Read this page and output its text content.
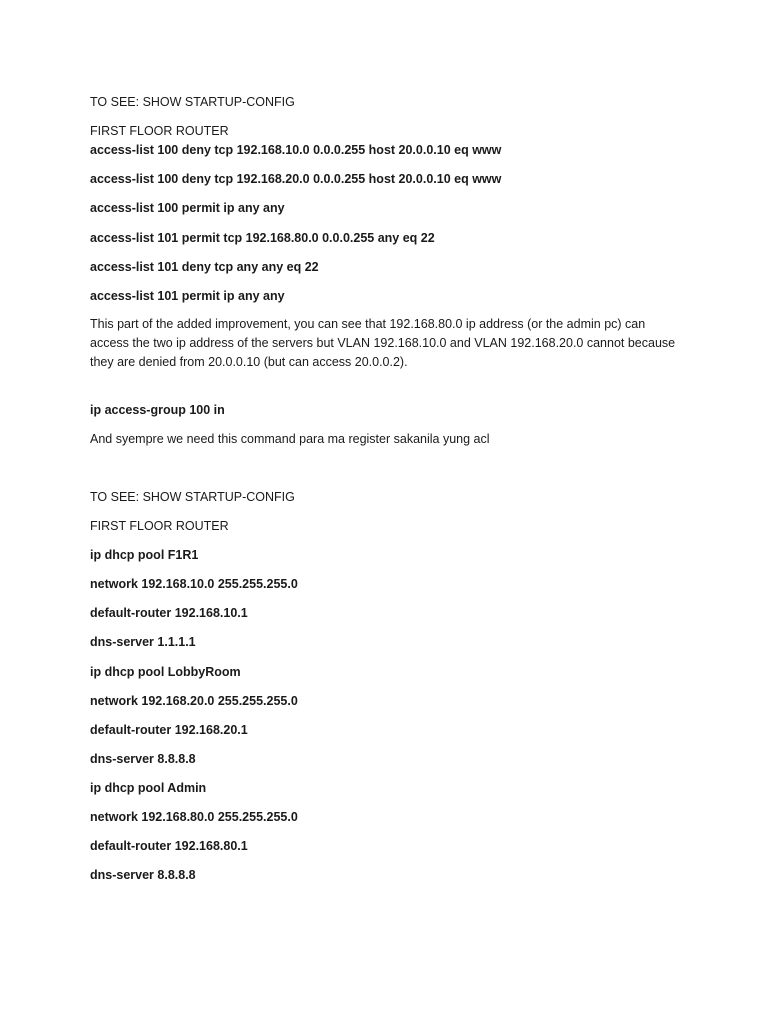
TO SEE: SHOW STARTUP-CONFIG
FIRST FLOOR ROUTER
access-list 100 deny tcp 192.168.10.0 0.0.0.255 host 20.0.0.10 eq www
access-list 100 deny tcp 192.168.20.0 0.0.0.255 host 20.0.0.10 eq www
access-list 100 permit ip any any
access-list 101 permit tcp 192.168.80.0 0.0.0.255 any eq 22
access-list 101 deny tcp any any eq 22
access-list 101 permit ip any any
This part of the added improvement, you can see that 192.168.80.0 ip address (or the admin pc) can access the two ip address of the servers but VLAN 192.168.10.0 and VLAN 192.168.20.0 cannot because they are denied from 20.0.0.10 (but can access 20.0.0.2).
ip access-group 100 in
And syempre we need this command para ma register sakanila yung acl
TO SEE: SHOW STARTUP-CONFIG
FIRST FLOOR ROUTER
ip dhcp pool F1R1
network 192.168.10.0 255.255.255.0
default-router 192.168.10.1
dns-server 1.1.1.1
ip dhcp pool LobbyRoom
network 192.168.20.0 255.255.255.0
default-router 192.168.20.1
dns-server 8.8.8.8
ip dhcp pool Admin
network 192.168.80.0 255.255.255.0
default-router 192.168.80.1
dns-server 8.8.8.8
